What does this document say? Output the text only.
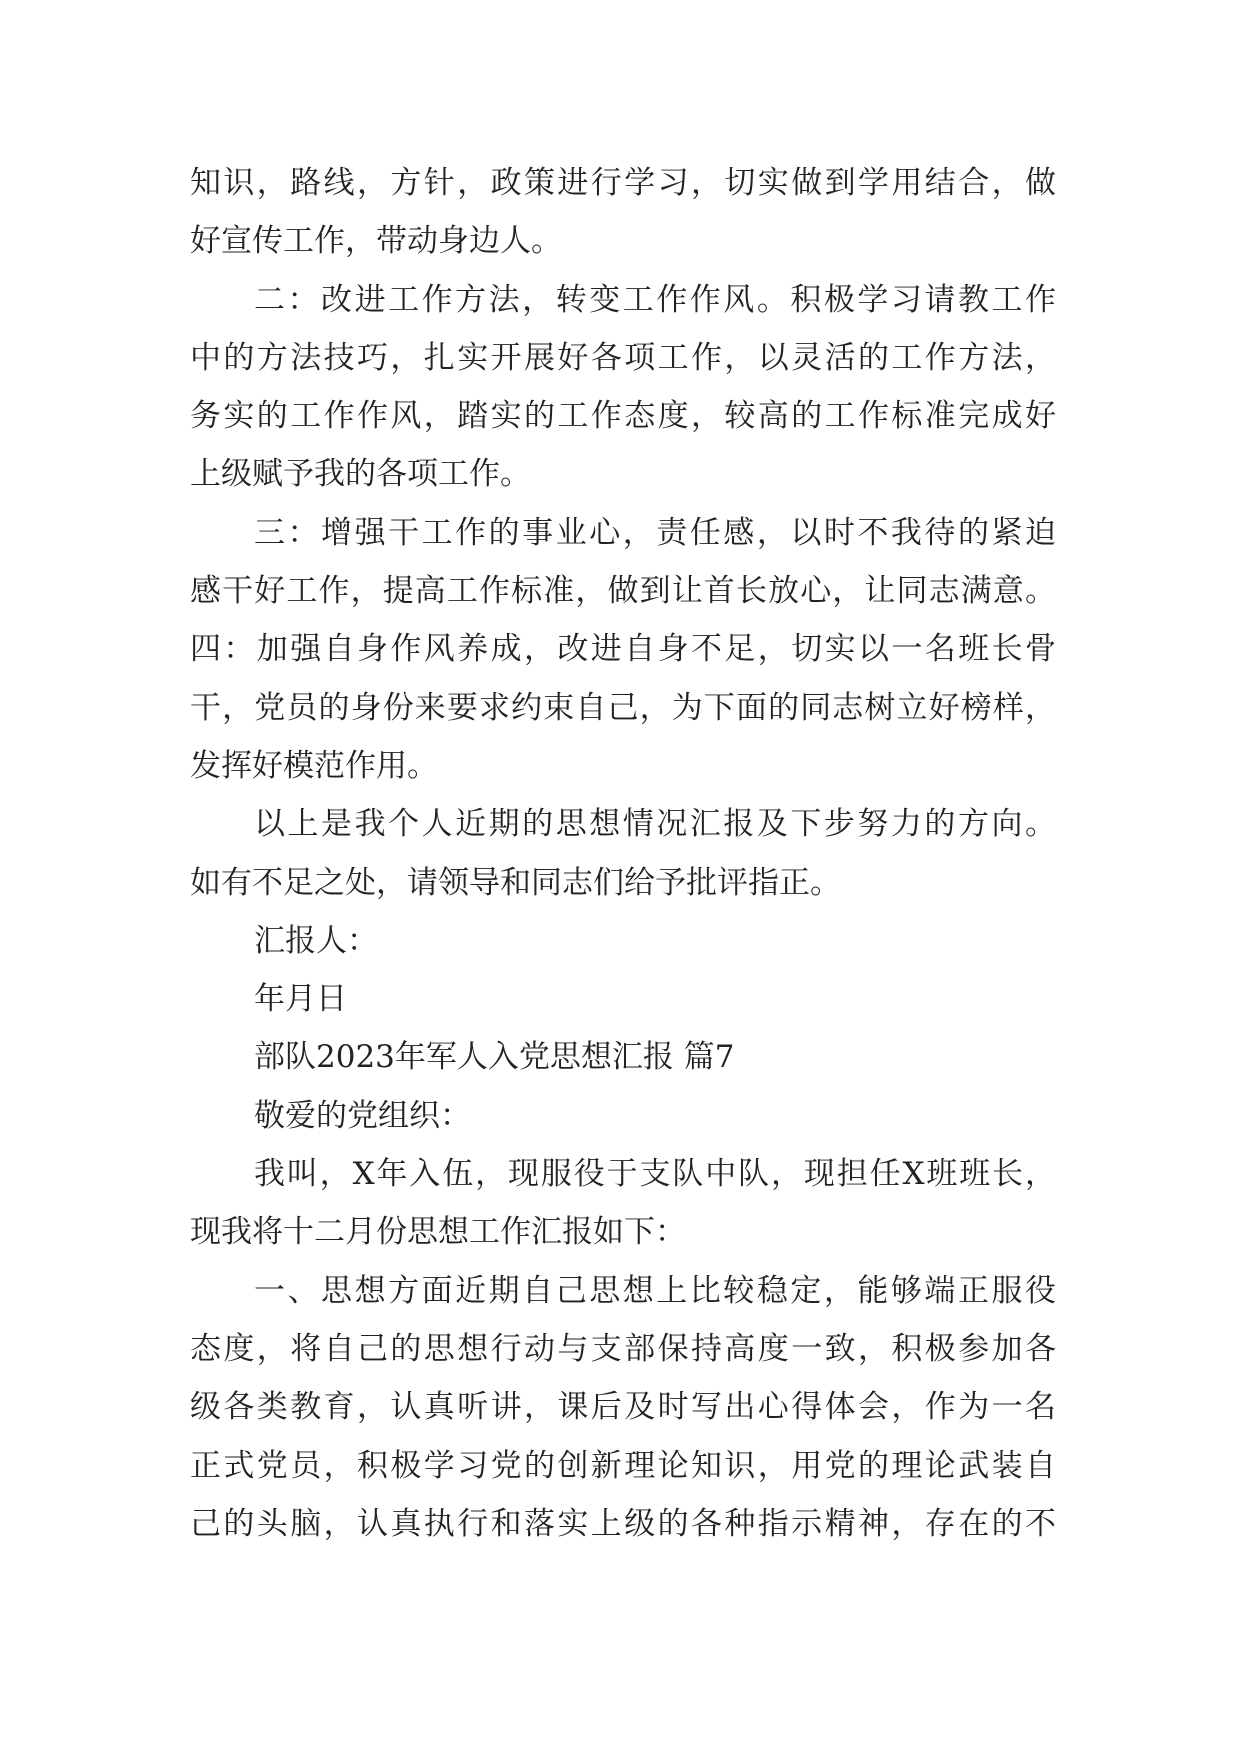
知识，路线，方针，政策进行学习，切实做到学用结合，做
好宣传工作，带动身边人。
二：改进工作方法，转变工作作风。积极学习请教工作
中的方法技巧，扎实开展好各项工作，以灵活的工作方法，
务实的工作作风，踏实的工作态度，较高的工作标准完成好
上级赋予我的各项工作。
三：增强干工作的事业心，责任感，以时不我待的紧迫
感干好工作，提高工作标准，做到让首长放心，让同志满意。
四：加强自身作风养成，改进自身不足，切实以一名班长骨
干，党员的身份来要求约束自己，为下面的同志树立好榜样，
发挥好模范作用。
以上是我个人近期的思想情况汇报及下步努力的方向。
如有不足之处，请领导和同志们给予批评指正。
汇报人：
年月日
部队2023年军人入党思想汇报 篇7
敬爱的党组织：
我叫，X年入伍，现服役于支队中队，现担任X班班长，
现我将十二月份思想工作汇报如下：
一、思想方面近期自己思想上比较稳定，能够端正服役
态度，将自己的思想行动与支部保持高度一致，积极参加各
级各类教育，认真听讲，课后及时写出心得体会，作为一名
正式党员，积极学习党的创新理论知识，用党的理论武装自
己的头脑，认真执行和落实上级的各种指示精神，存在的不
